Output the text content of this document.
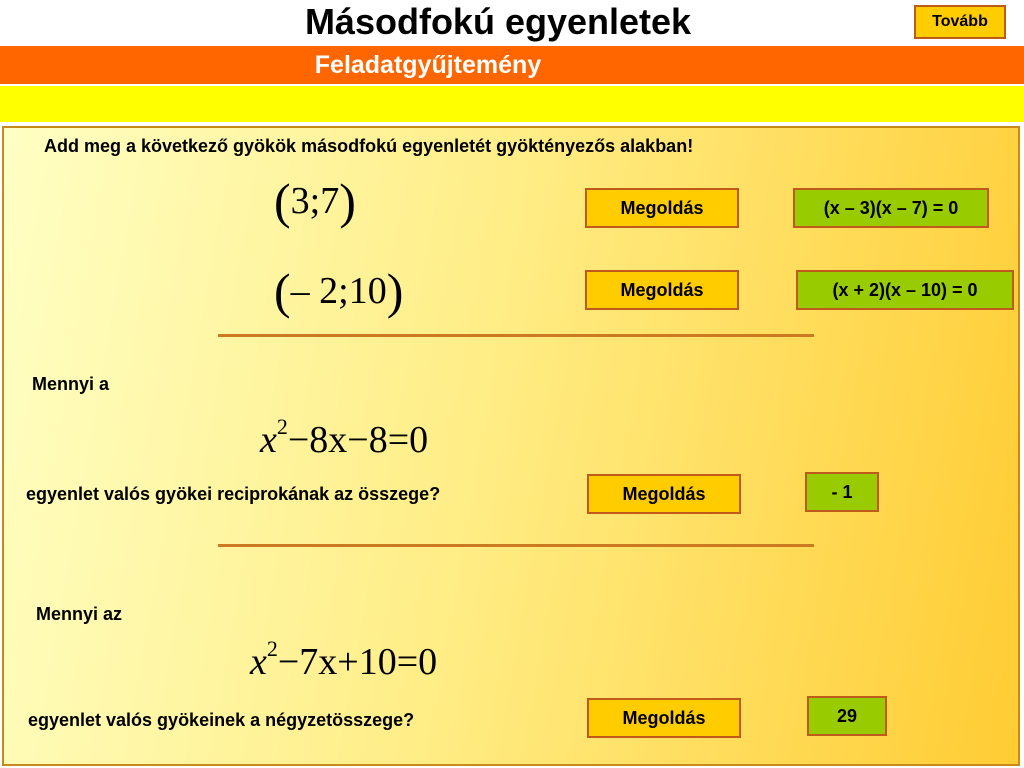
Másodfokú egyenletek	Tovább
Feladatgyűjtemény
Add meg a következő gyökök másodfokú egyenletét gyöktényezős alakban!
(3;7)	Megoldás	(x – 3)(x – 7) = 0
(– 2;10)	Megoldás	(x + 2)(x – 10) = 0
Mennyi a
$x^2-8x-8=0$
egyenlet valós gyökei reciprokának az összege?	Megoldás	- 1
Mennyi az
$x^2-7x+10=0$
egyenlet valós gyökeinek a négyzetösszege?	Megoldás	29
